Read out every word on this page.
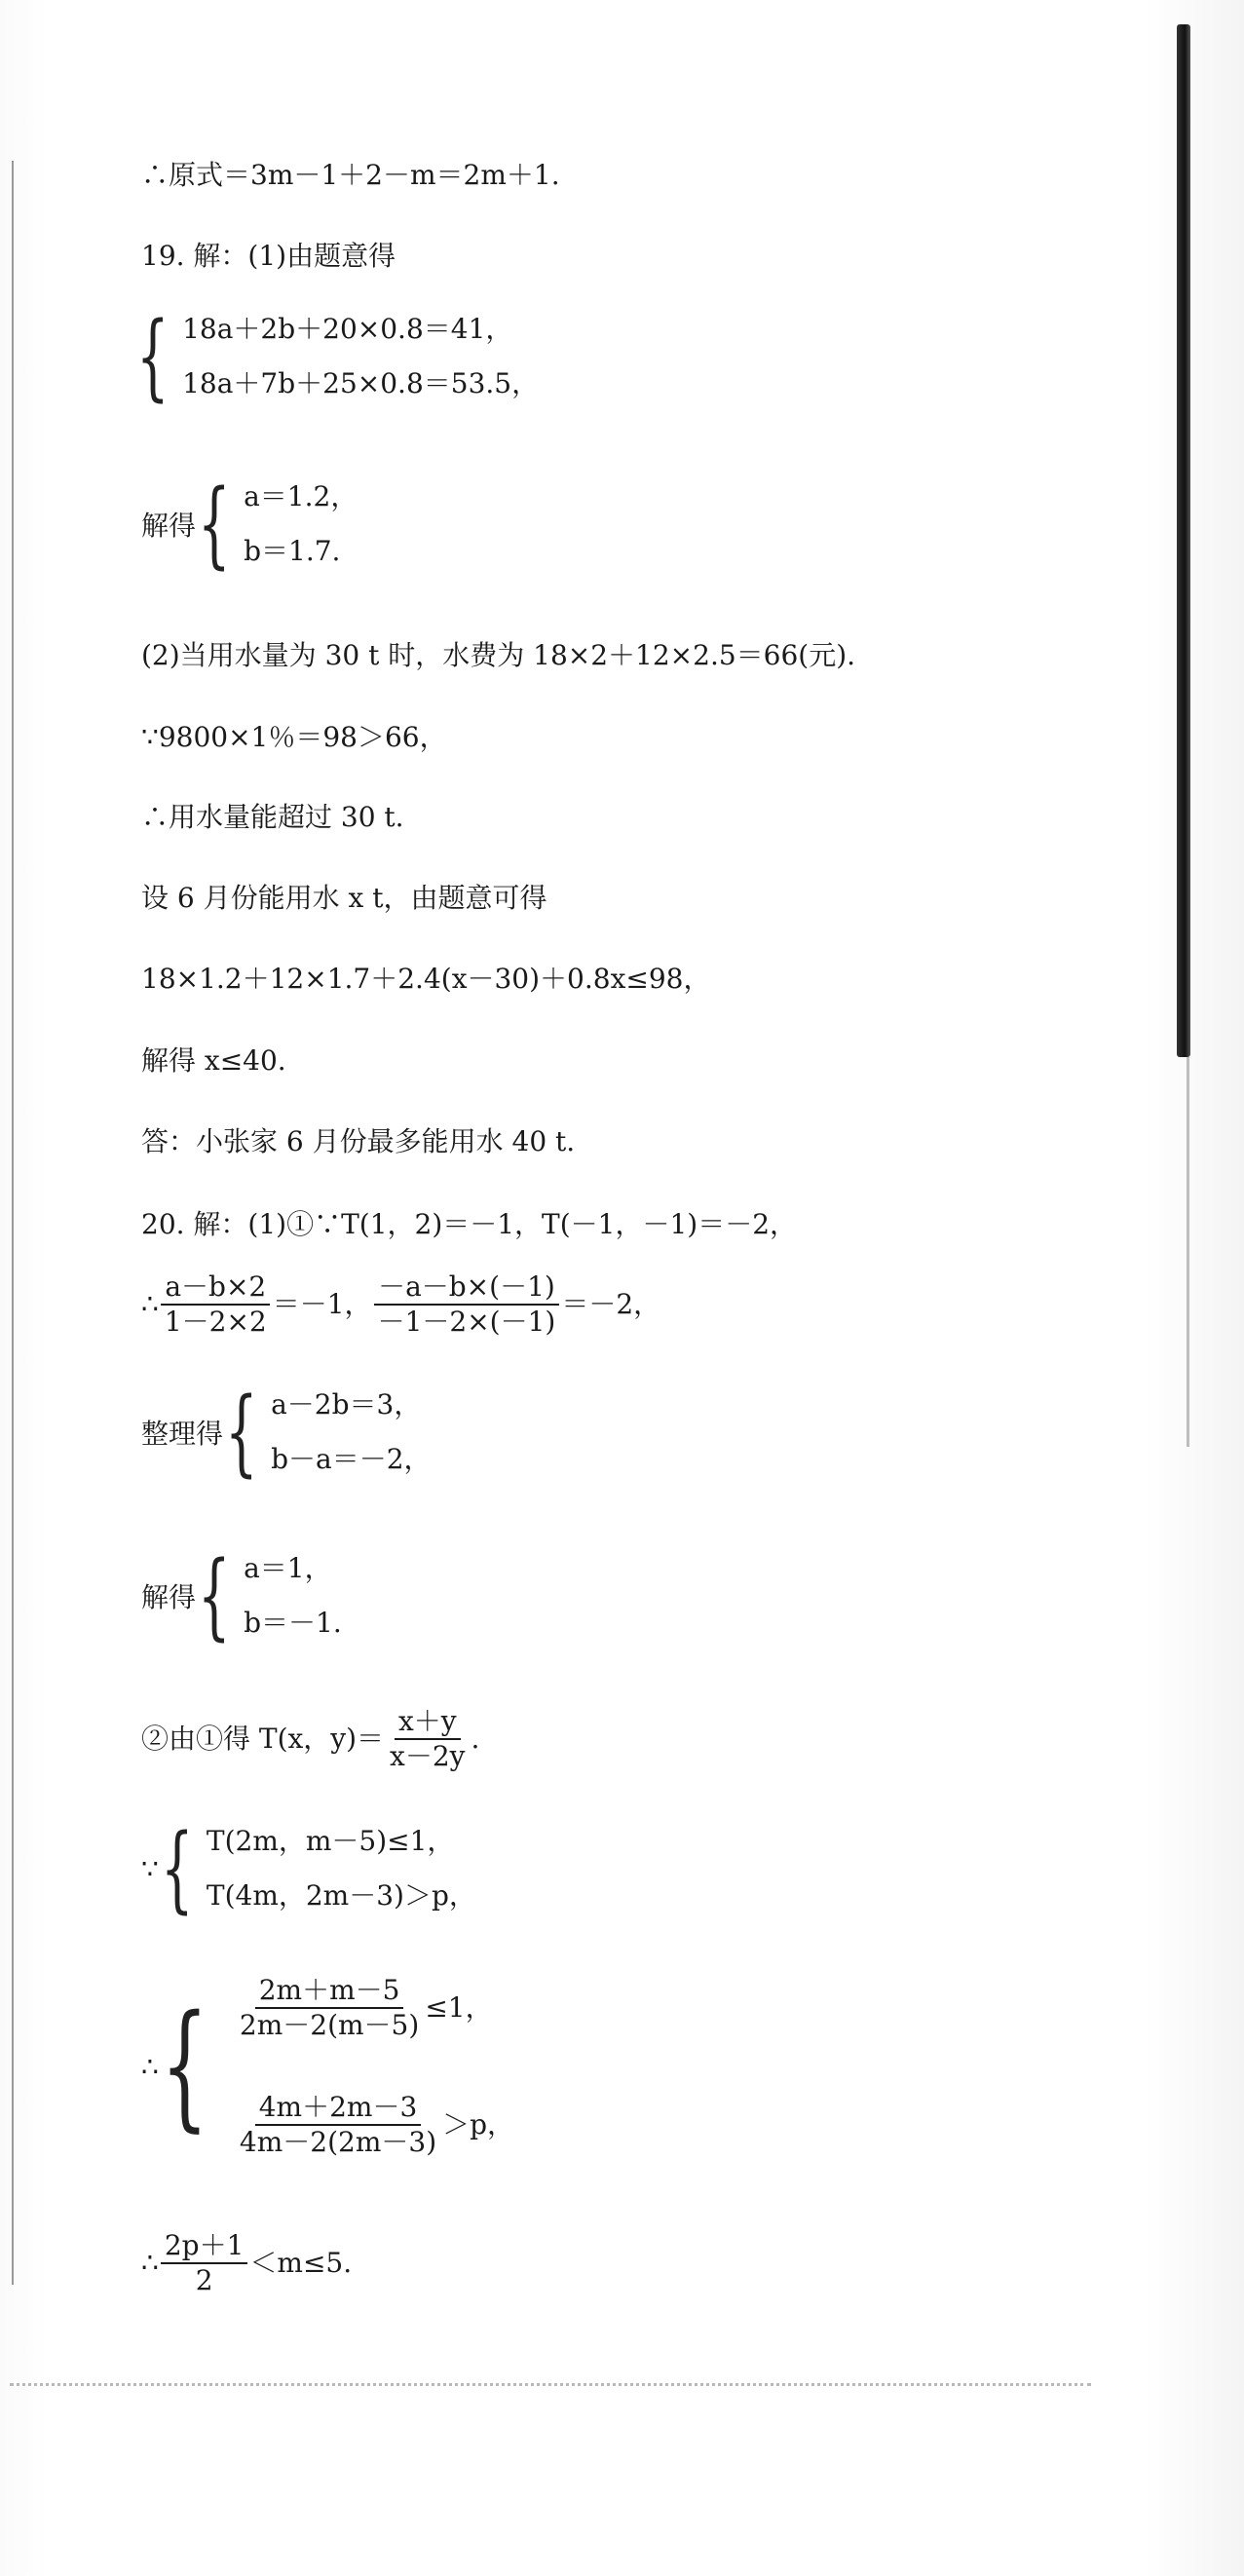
∴原式＝3m－1＋2－m＝2m＋1.
19. 解：(1)由题意得
{ 18a＋2b＋20×0.8＝41，
18a＋7b＋25×0.8＝53.5，
解得 { a＝1.2，
b＝1.7.
(2)当用水量为 30 t 时，水费为 18×2＋12×2.5＝66(元).
∵9800×1％＝98＞66，
∴用水量能超过 30 t.
设 6 月份能用水 x t，由题意可得
18×1.2＋12×1.7＋2.4(x－30)＋0.8x≤98，
解得 x≤40.
答：小张家 6 月份最多能用水 40 t.
20. 解：(1)①∵T(1，2)＝－1，T(－1，－1)＝－2，
∴ $\frac{a-b\times 2}{1-2\times 2} =-1$， $\frac{-a-b\times(-1)}{-1-2\times(-1)} =-2$，
整理得 { a－2b＝3，
b－a＝－2，
解得 { a＝1，
b＝－1.
②由①得 T(x，$y)= \frac{x+y}{x-2y}$ .
∵ { T(2m，m－5)≤1，
T(4m，2m－3)＞p，
∴ { $\frac{2m+m-5}{2m-2(m-5)} \le 1$，
$\frac{4m+2m-3}{4m-2(2m-3)} >p$，
∴ $\frac{2p+1}{2} <m\le 5$.
